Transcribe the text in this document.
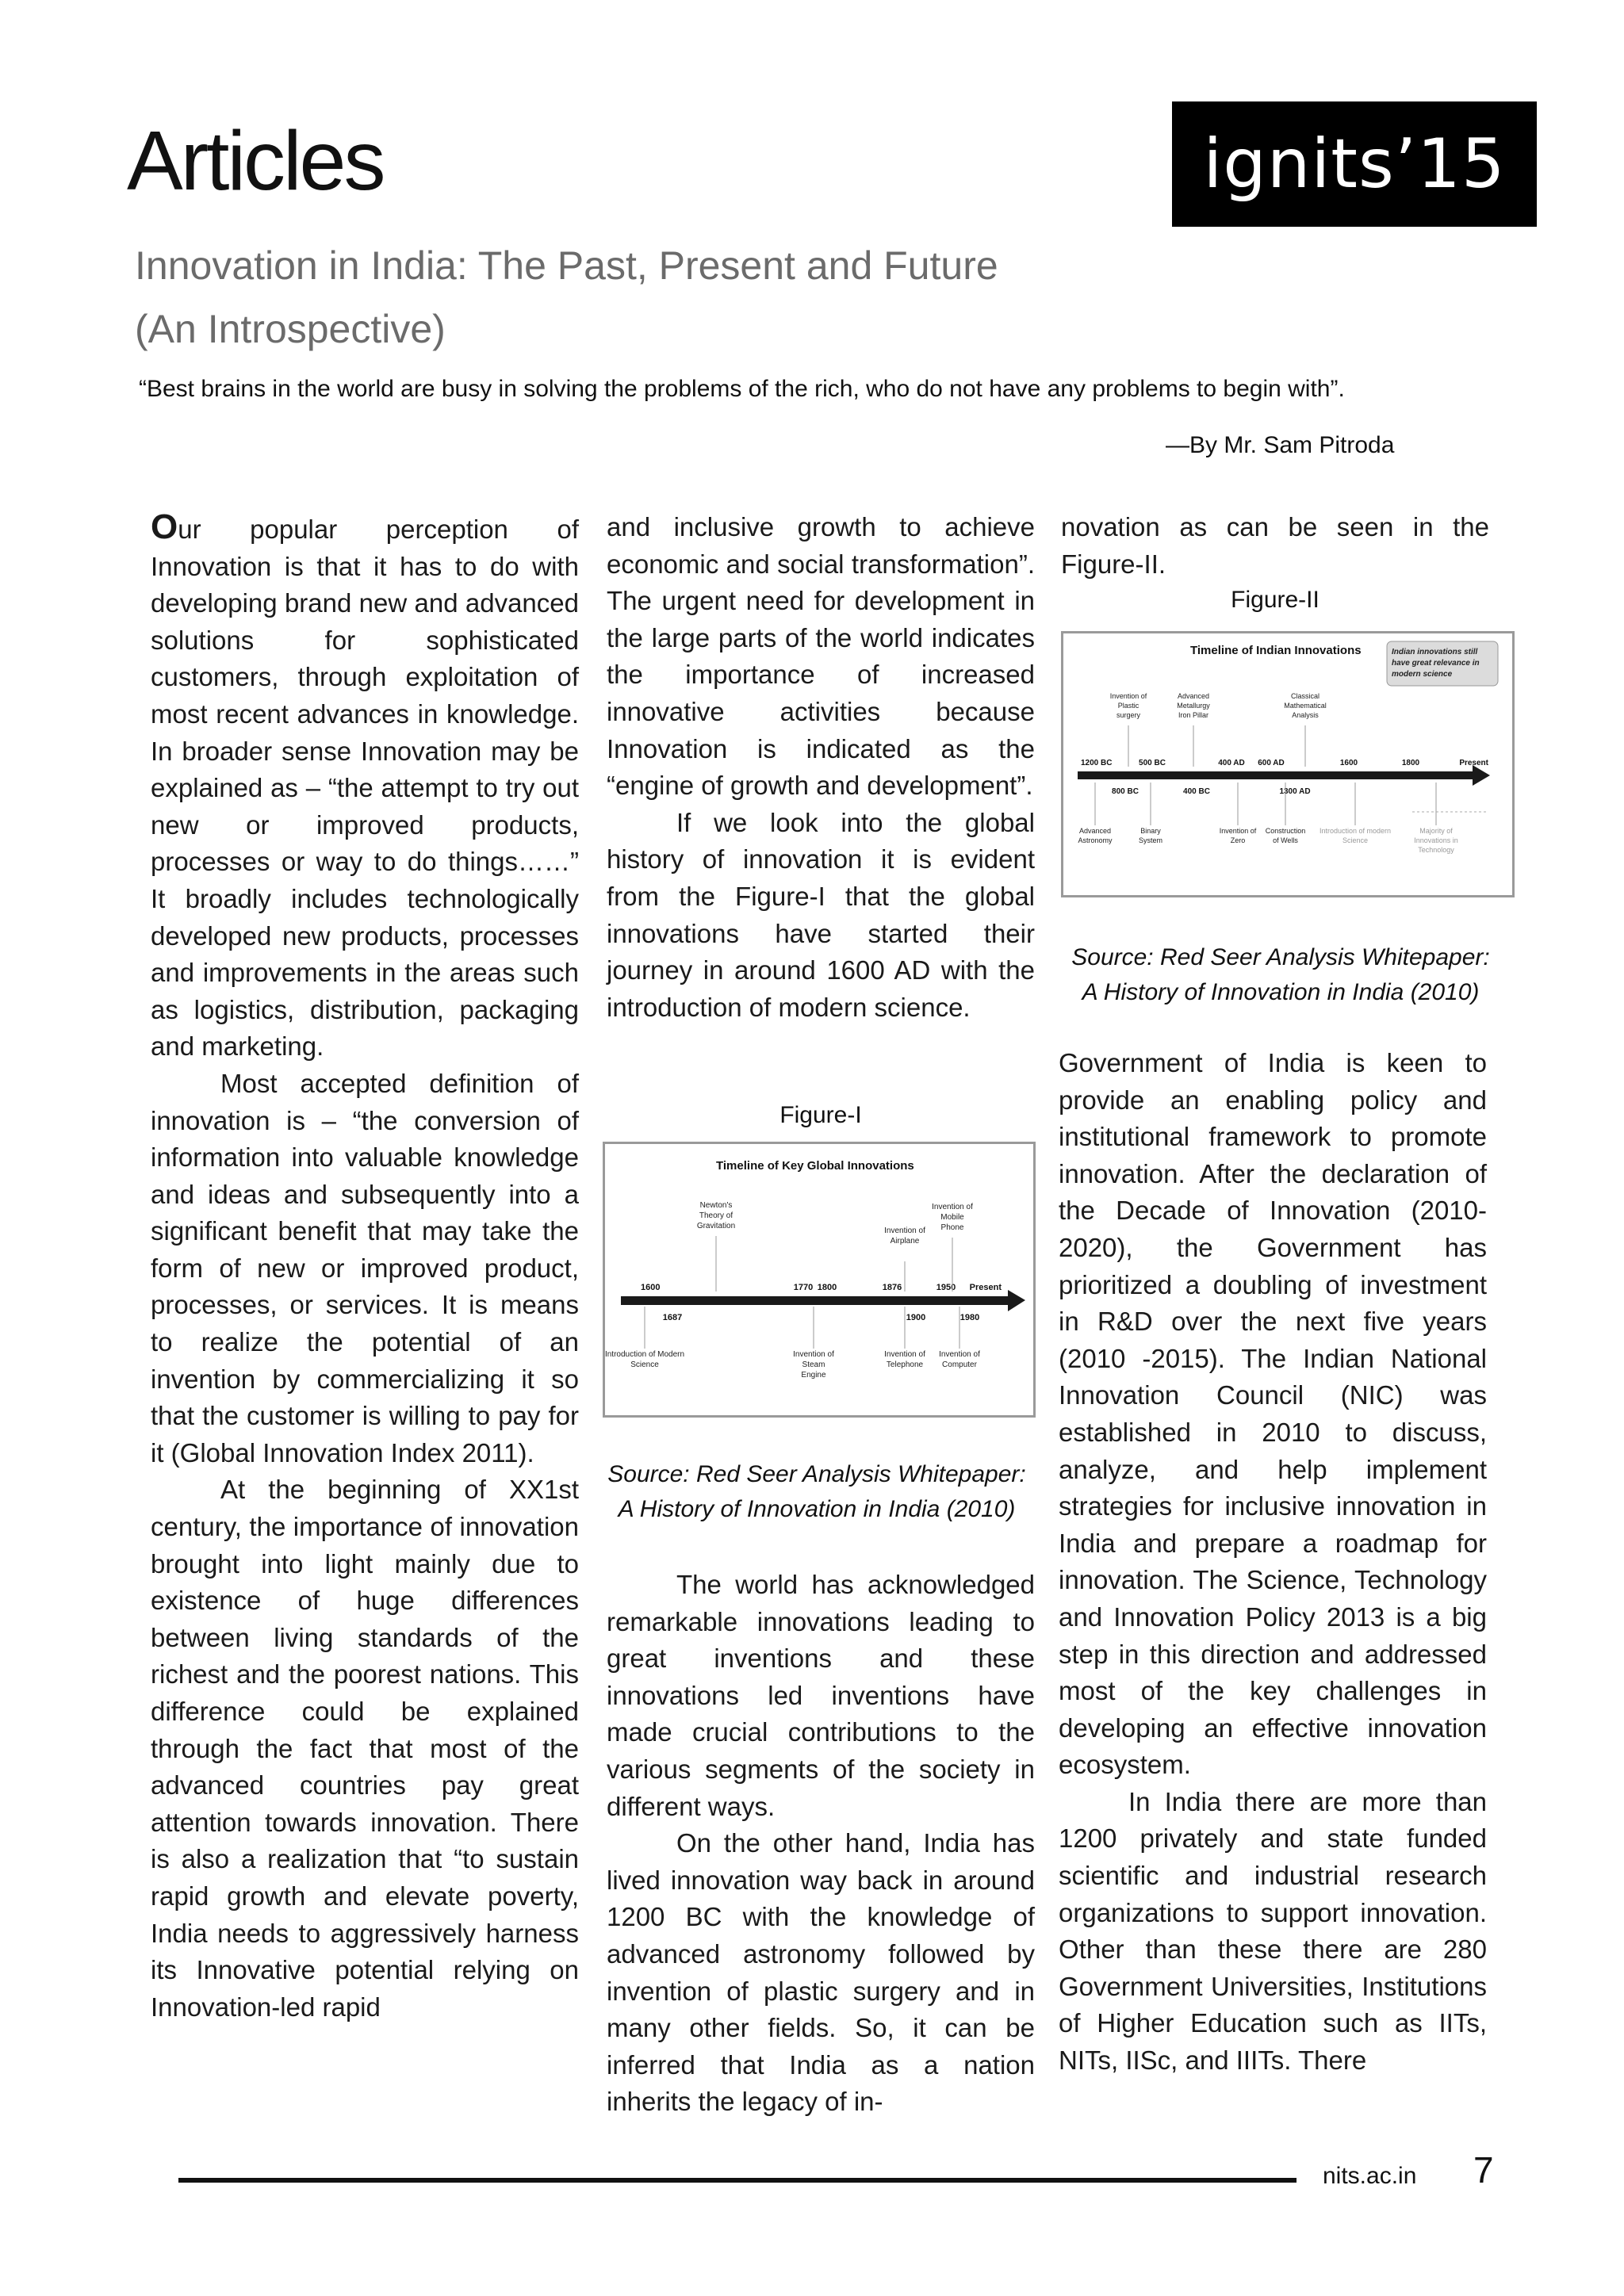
Articles	ignits’15
Innovation in India: The Past, Present and Future
(An Introspective)
“Best brains in the world are busy in solving the problems of the rich, who do not have any problems to begin with”.
—By Mr. Sam Pitroda

Our popular perception of Innovation is that it has to do with developing brand new and advanced solutions for sophisticated customers, through exploitation of most recent advances in knowledge. In broader sense Innovation may be explained as – “the attempt to try out new or improved products, processes or way to do things……” It broadly includes technologically developed new products, processes and improvements in the areas such as logistics, distribution, packaging and marketing.

Most accepted definition of innovation is – “the conversion of information into valuable knowledge and ideas and subsequently into a significant benefit that may take the form of new or improved product, processes, or services. It is means to realize the potential of an invention by commercializing it so that the customer is willing to pay for it (Global Innovation Index 2011).

At the beginning of XX1st century, the importance of innovation brought into light mainly due to existence of huge differences between living standards of the richest and the poorest nations. This difference could be explained through the fact that most of the advanced countries pay great attention towards innovation. There is also a realization that “to sustain rapid growth and elevate poverty, India needs to aggressively harness its Innovative potential relying on Innovation-led rapid

and inclusive growth to achieve economic and social transformation”. The urgent need for development in the large parts of the world indicates the importance of increased innovative activities because Innovation is indicated as the “engine of growth and development”.

If we look into the global history of innovation it is evident from the Figure-I that the global innovations have started their journey in around 1600 AD with the introduction of modern science.

Figure-I
Timeline of Key Global Innovations
1600	1770 1800	1876	1950 Present
1687	1900	1980
Newton's Theory of Gravitation
Invention of Airplane
Invention of Mobile Phone
Introduction of Modern Science
Invention of Steam Engine
Invention of Telephone
Invention of Computer
Source: Red Seer Analysis Whitepaper:
A History of Innovation in India (2010)

The world has acknowledged remarkable innovations leading to great inventions and these innovations led inventions have made crucial contributions to the various segments of the society in different ways.

On the other hand, India has lived innovation way back in around 1200 BC with the knowledge of advanced astronomy followed by invention of plastic surgery and in many other fields. So, it can be inferred that India as a nation inherits the legacy of in-

novation as can be seen in the Figure-II.

Figure-II
Timeline of Indian Innovations	Indian innovations still have great relevance in modern science
1200 BC	500 BC	400 AD 600 AD	1600	1800	Present
800 BC	400 BC	1300 AD
Invention of Plastic surgery
Advanced Metallurgy Iron Pillar
Classical Mathematical Analysis
Advanced Astronomy
Binary System
Invention of Zero
Construction of Wells
Introduction of modern Science
Majority of Innovations in Technology
Source: Red Seer Analysis Whitepaper:
A History of Innovation in India (2010)

Government of India is keen to provide an enabling policy and institutional framework to promote innovation. After the declaration of the Decade of Innovation (2010-2020), the Government has prioritized a doubling of investment in R&D over the next five years (2010 -2015). The Indian National Innovation Council (NIC) was established in 2010 to discuss, analyze, and help implement strategies for inclusive innovation in India and prepare a roadmap for innovation. The Science, Technology and Innovation Policy 2013 is a big step in this direction and addressed most of the key challenges in developing an effective innovation ecosystem.

In India there are more than 1200 privately and state funded scientific and industrial research organizations to support innovation. Other than these there are 280 Government Universities, Institutions of Higher Education such as IITs, NITs, IISc, and IIITs. There

nits.ac.in 7
